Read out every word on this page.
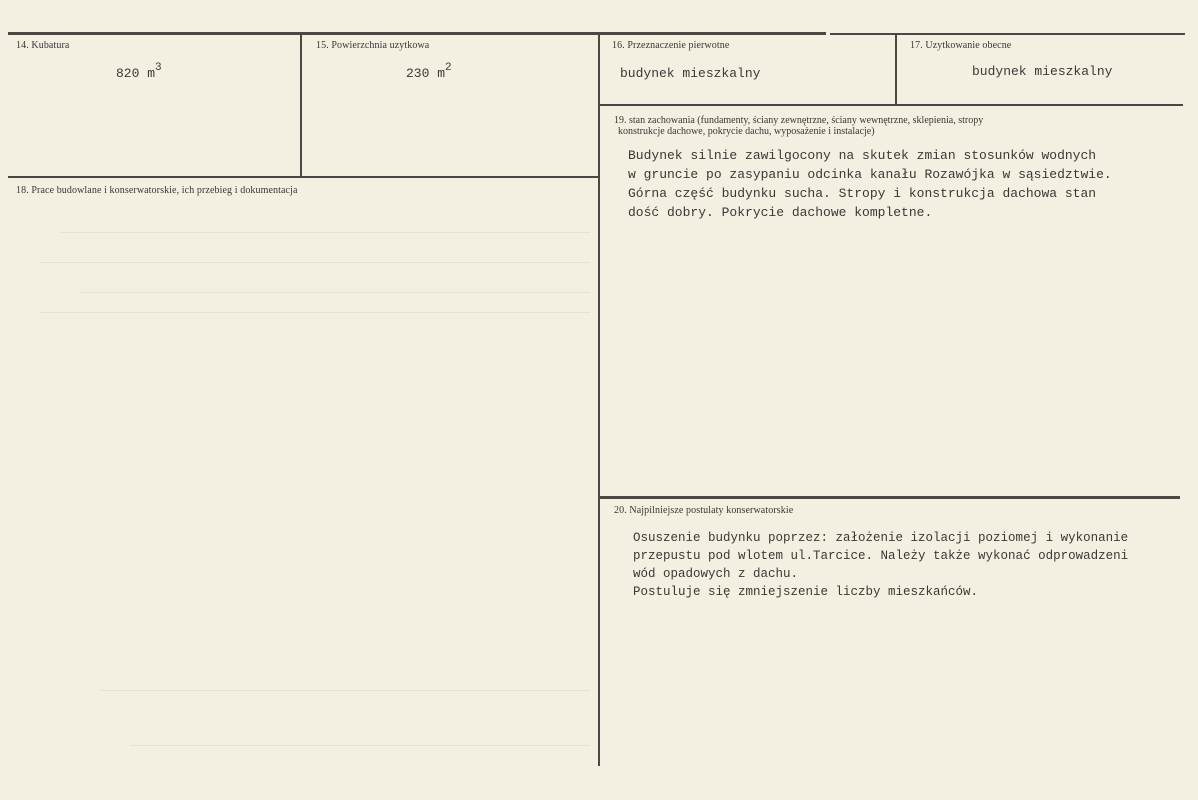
14. Kubatura
820 $m^3$
15. Powierzchnia uzytkowa
230 $m^2$
16. Przeznaczenie pierwotne
budynek mieszkalny
17. Uzytkowanie obecne
budynek mieszkalny
18. Prace budowlane i konserwatorskie, ich przebieg i dokumentacja
19. stan zachowania (fundamenty, ściany zewnętrzne, ściany wewnętrzne, sklepienia, stropy
konstrukcje dachowe, pokrycie dachu, wyposażenie i instalacje)
Budynek silnie zawilgocony na skutek zmian stosunków wodnych
w gruncie po zasypaniu odcinka kanału Rozawójka w sąsiedztwie.
Górna część budynku sucha. Stropy i konstrukcja dachowa stan
dość dobry. Pokrycie dachowe kompletne.
20. Najpilniejsze postulaty konserwatorskie
Osuszenie budynku poprzez: założenie izolacji poziomej i wykonanie
przepustu pod wlotem ul.Tarcice. Należy także wykonać odprowadzeni
wód opadowych z dachu.
Postuluje się zmniejszenie liczby mieszkańców.
